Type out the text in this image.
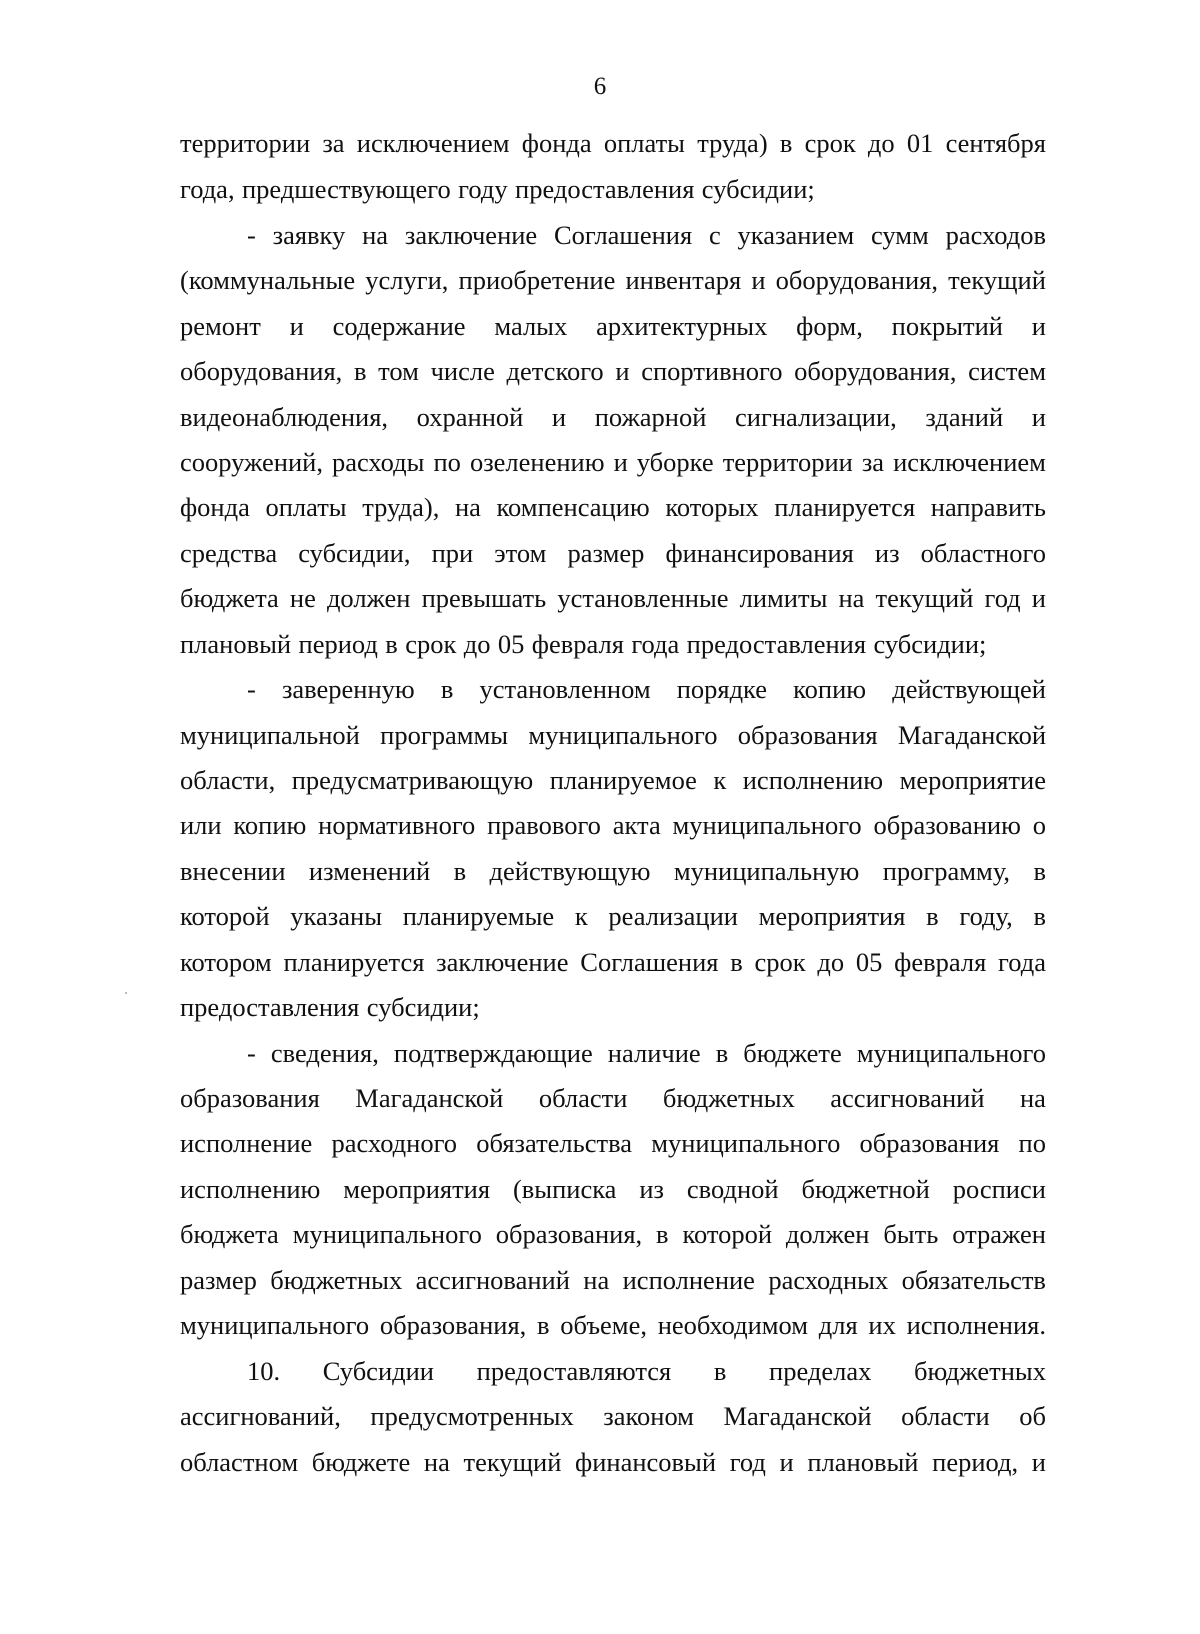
6
территории за исключением фонда оплаты труда) в срок до 01 сентября
года, предшествующего году предоставления субсидии;
- заявку на заключение Соглашения с указанием сумм расходов
(коммунальные услуги, приобретение инвентаря и оборудования, текущий
ремонт и содержание малых архитектурных форм, покрытий и
оборудования, в том числе детского и спортивного оборудования, систем
видеонаблюдения, охранной и пожарной сигнализации, зданий и
сооружений, расходы по озеленению и уборке территории за исключением
фонда оплаты труда), на компенсацию которых планируется направить
средства субсидии, при этом размер финансирования из областного
бюджета не должен превышать установленные лимиты на текущий год и
плановый период в срок до 05 февраля года предоставления субсидии;
- заверенную в установленном порядке копию действующей
муниципальной программы муниципального образования Магаданской
области, предусматривающую планируемое к исполнению мероприятие
или копию нормативного правового акта муниципального образованию о
внесении изменений в действующую муниципальную программу, в
которой указаны планируемые к реализации мероприятия в году, в
котором планируется заключение Соглашения в срок до 05 февраля года
предоставления субсидии;
- сведения, подтверждающие наличие в бюджете муниципального
образования Магаданской области бюджетных ассигнований на
исполнение расходного обязательства муниципального образования по
исполнению мероприятия (выписка из сводной бюджетной росписи
бюджета муниципального образования, в которой должен быть отражен
размер бюджетных ассигнований на исполнение расходных обязательств
муниципального образования, в объеме, необходимом для их исполнения.
10. Субсидии предоставляются в пределах бюджетных
ассигнований, предусмотренных законом Магаданской области об
областном бюджете на текущий финансовый год и плановый период, и
